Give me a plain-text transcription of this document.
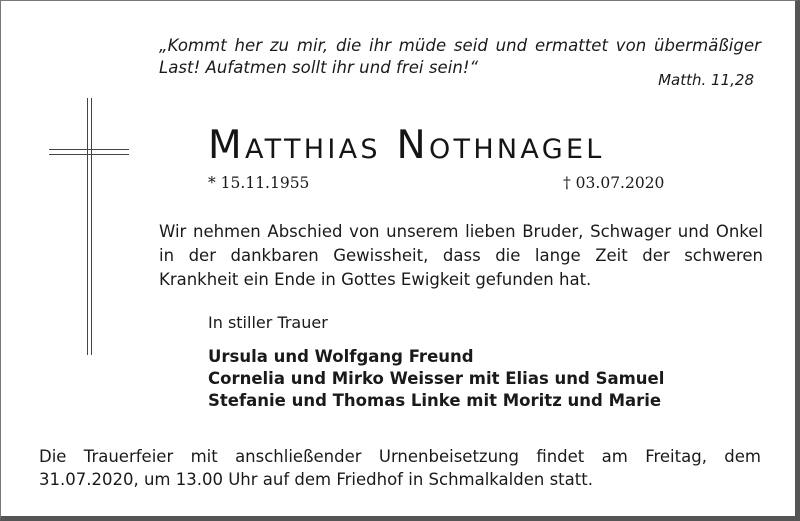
„Kommt her zu mir, die ihr müde seid und ermattet von übermäßiger Last! Aufatmen sollt ihr und frei sein!“
Matth. 11,28
Matthias Nothnagel
* 15.11.1955	† 03.07.2020
Wir nehmen Abschied von unserem lieben Bruder, Schwager und Onkel in der dankbaren Gewissheit, dass die lange Zeit der schweren Krankheit ein Ende in Gottes Ewigkeit gefunden hat.
In stiller Trauer
Ursula und Wolfgang Freund
Cornelia und Mirko Weisser mit Elias und Samuel
Stefanie und Thomas Linke mit Moritz und Marie
Die Trauerfeier mit anschließender Urnenbeisetzung findet am Freitag, dem 31.07.2020, um 13.00 Uhr auf dem Friedhof in Schmalkalden statt.
